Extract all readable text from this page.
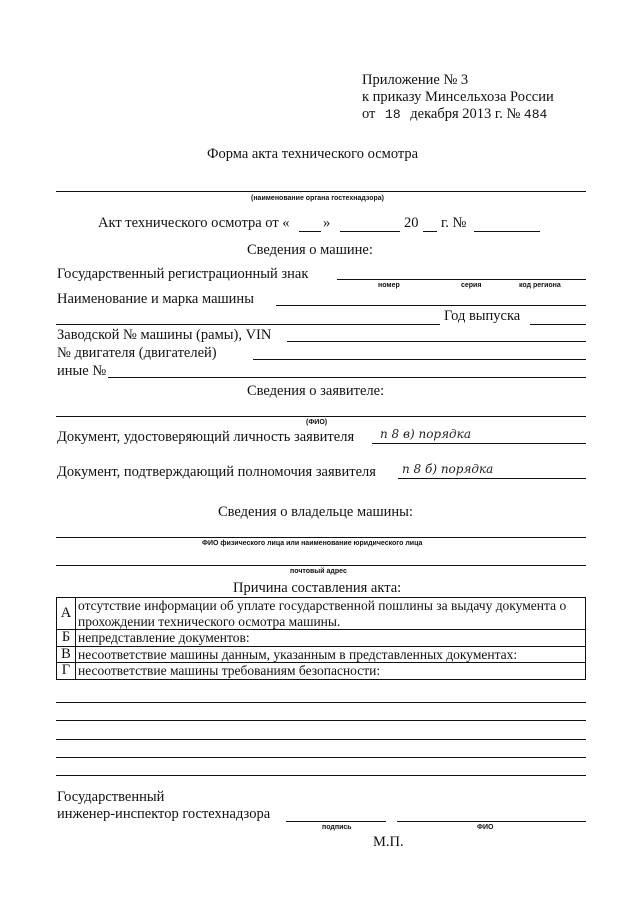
Приложение № 3
к приказу Минсельхоза России
от 18 декабря 2013 г. № 484
Форма акта технического осмотра
(наименование органа гостехнадзора)
Акт технического осмотра от « »	20 г. №
Сведения о машине:
Государственный регистрационный знак
номер	серия	код региона
Наименование и марка машины
Год выпуска
Заводской № машины (рамы), VIN
№ двигателя (двигателей)
иные №
Сведения о заявителе:
(ФИО)
Документ, удостоверяющий личность заявителя п 8 в) порядка
Документ, подтверждающий полномочия заявителя п 8 б) порядка
Сведения о владельце машины:
ФИО физического лица или наименование юридического лица
почтовый адрес
Причина составления акта:
А	отсутствие информации об уплате государственной пошлины за выдачу документа о прохождении технического осмотра машины.
Б	непредставление документов:
В	несоответствие машины данным, указанным в представленных документах:
Г	несоответствие машины требованиям безопасности:
Государственный
инженер-инспектор гостехнадзора
подпись	ФИО
М.П.
